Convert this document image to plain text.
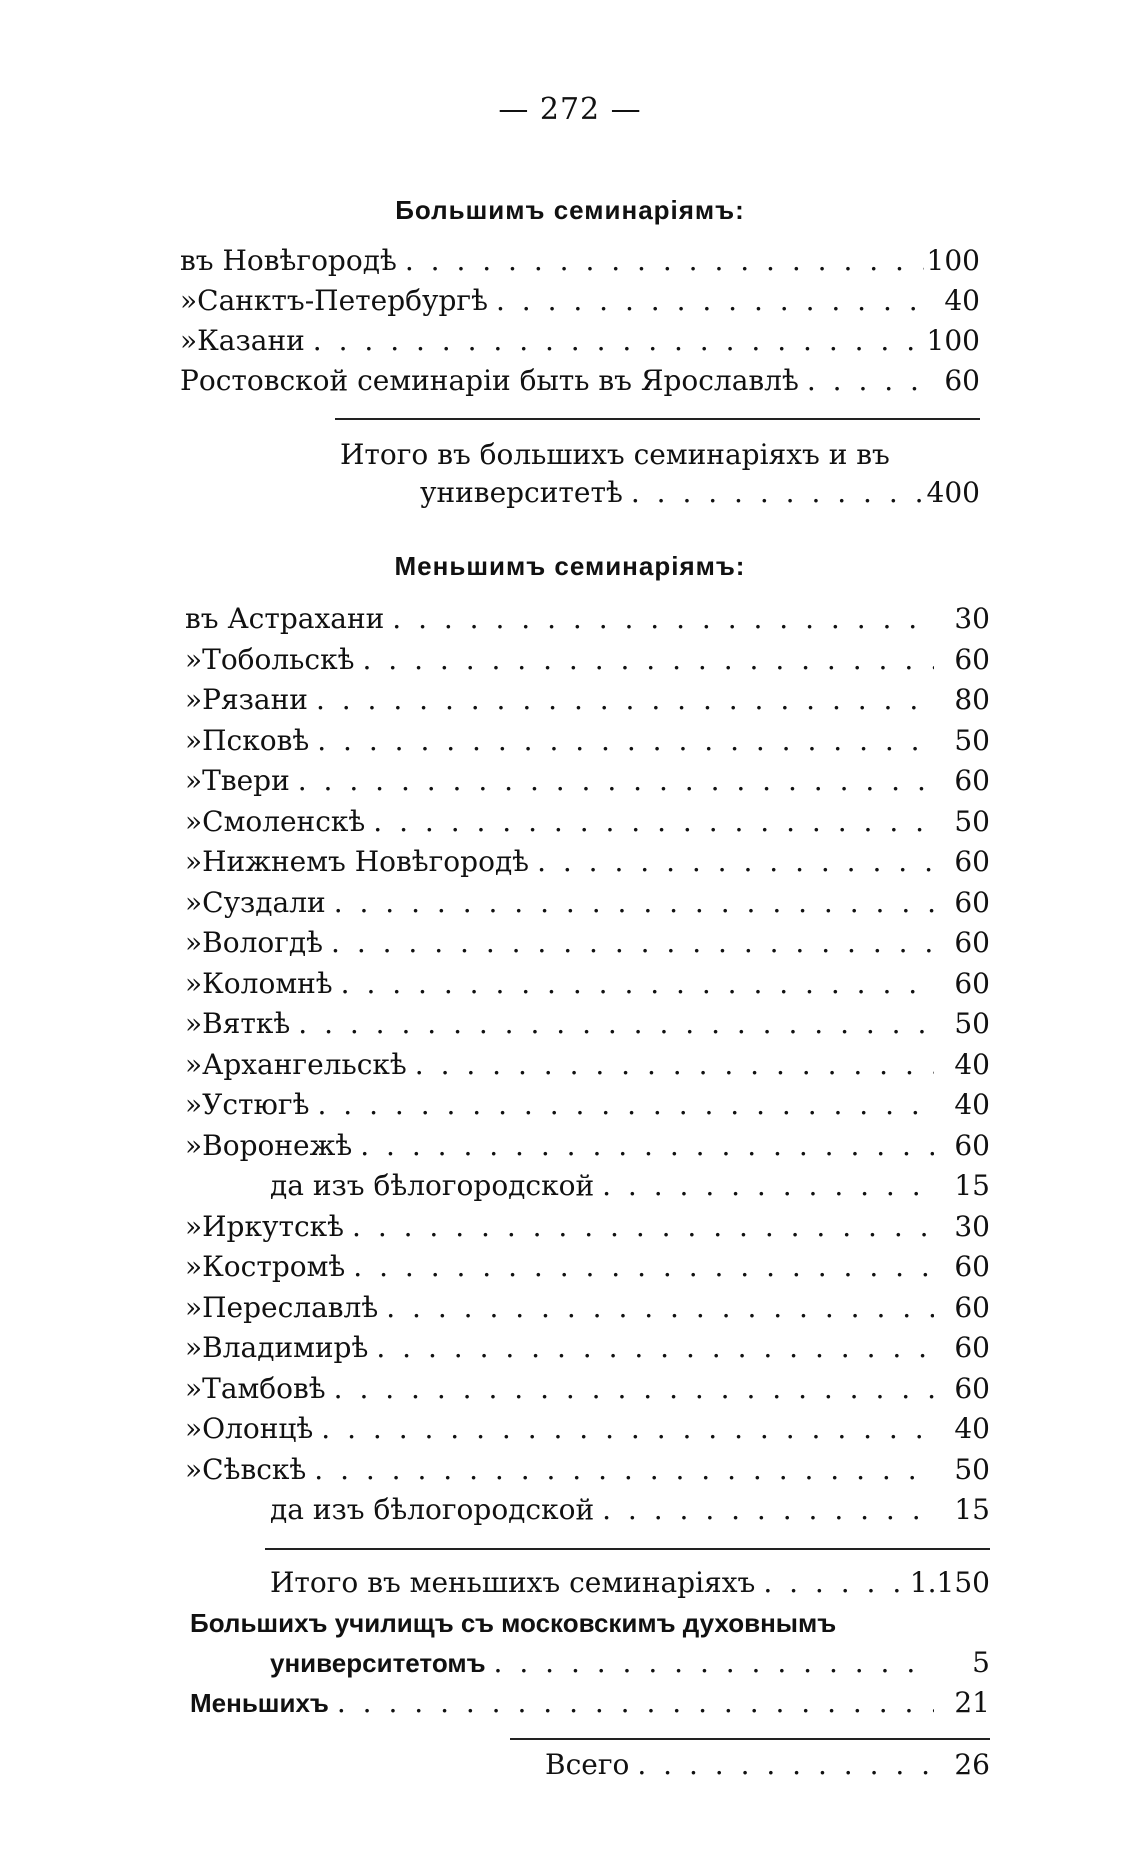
— 272 —
Большимъ семинаріямъ:
въ Новѣгородѣ . . .	100
» Санктъ-Петербургѣ . . .	40
» Казани . . .	100
Ростовской семинаріи быть въ Ярославлѣ . . .	60
Итого въ большихъ семинаріяхъ и въ
университетѣ . . .	400
Меньшимъ семинаріямъ:
въ Астрахани . . .	30
» Тобольскѣ . . .	60
» Рязани . . .	80
» Псковѣ . . .	50
» Твери . . .	60
» Смоленскѣ . . .	50
» Нижнемъ Новѣгородѣ . . .	60
» Суздали . . .	60
» Вологдѣ . . .	60
» Коломнѣ . . .	60
» Вяткѣ . . .	50
» Архангельскѣ . . .	40
» Устюгѣ . . .	40
» Воронежѣ . . .	60
да изъ бѣлогородской . . .	15
» Иркутскѣ . . .	30
» Костромѣ . . .	60
» Переславлѣ . . .	60
» Владимирѣ . . .	60
» Тамбовѣ . . .	60
» Олонцѣ . . .	40
» Сѣвскѣ . . .	50
да изъ бѣлогородской . . .	15
Итого въ меньшихъ семинаріяхъ . . .	1.150
Большихъ училищъ съ московскимъ духовнымъ
университетомъ . . .	5
Меньшихъ . . .	21
Всего . . .	26
